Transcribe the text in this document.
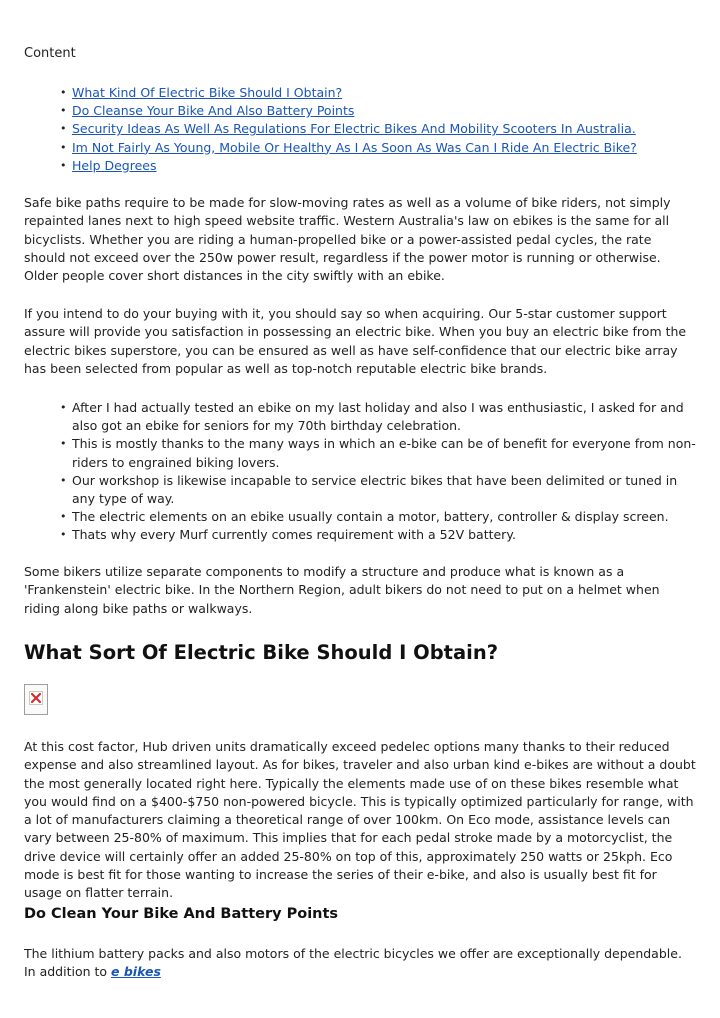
Content

• What Kind Of Electric Bike Should I Obtain?
• Do Cleanse Your Bike And Also Battery Points
• Security Ideas As Well As Regulations For Electric Bikes And Mobility Scooters In Australia.
• Im Not Fairly As Young, Mobile Or Healthy As I As Soon As Was Can I Ride An Electric Bike?
• Help Degrees

Safe bike paths require to be made for slow-moving rates as well as a volume of bike riders, not simply repainted lanes next to high speed website traffic. Western Australia's law on ebikes is the same for all bicyclists. Whether you are riding a human-propelled bike or a power-assisted pedal cycles, the rate should not exceed over the 250w power result, regardless if the power motor is running or otherwise. Older people cover short distances in the city swiftly with an ebike.

If you intend to do your buying with it, you should say so when acquiring. Our 5-star customer support assure will provide you satisfaction in possessing an electric bike. When you buy an electric bike from the electric bikes superstore, you can be ensured as well as have self-confidence that our electric bike array has been selected from popular as well as top-notch reputable electric bike brands.

• After I had actually tested an ebike on my last holiday and also I was enthusiastic, I asked for and also got an ebike for seniors for my 70th birthday celebration.
• This is mostly thanks to the many ways in which an e-bike can be of benefit for everyone from non-riders to engrained biking lovers.
• Our workshop is likewise incapable to service electric bikes that have been delimited or tuned in any type of way.
• The electric elements on an ebike usually contain a motor, battery, controller & display screen.
• Thats why every Murf currently comes requirement with a 52V battery.

Some bikers utilize separate components to modify a structure and produce what is known as a 'Frankenstein' electric bike. In the Northern Region, adult bikers do not need to put on a helmet when riding along bike paths or walkways.

What Sort Of Electric Bike Should I Obtain?

At this cost factor, Hub driven units dramatically exceed pedelec options many thanks to their reduced expense and also streamlined layout. As for bikes, traveler and also urban kind e-bikes are without a doubt the most generally located right here. Typically the elements made use of on these bikes resemble what you would find on a $400-$750 non-powered bicycle. This is typically optimized particularly for range, with a lot of manufacturers claiming a theoretical range of over 100km. On Eco mode, assistance levels can vary between 25-80% of maximum. This implies that for each pedal stroke made by a motorcyclist, the drive device will certainly offer an added 25-80% on top of this, approximately 250 watts or 25kph. Eco mode is best fit for those wanting to increase the series of their e-bike, and also is usually best fit for usage on flatter terrain.

Do Clean Your Bike And Battery Points

The lithium battery packs and also motors of the electric bicycles we offer are exceptionally dependable. In addition to e bikes
